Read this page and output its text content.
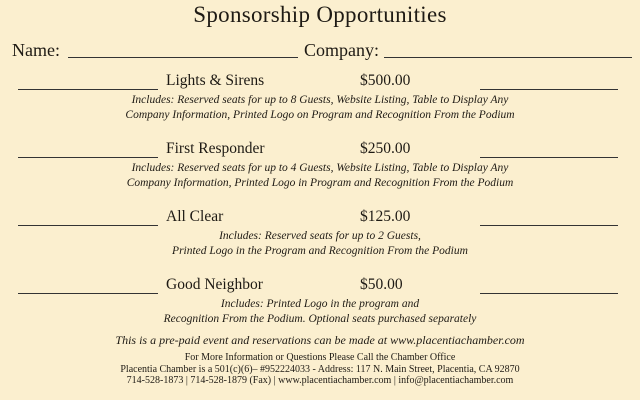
Sponsorship Opportunities
Name:	Company:
Lights & Sirens	$500.00
Includes: Reserved seats for up to 8 Guests, Website Listing, Table to Display Any
Company Information, Printed Logo on Program and Recognition From the Podium
First Responder	$250.00
Includes: Reserved seats for up to 4 Guests, Website Listing, Table to Display Any
Company Information, Printed Logo in Program and Recognition From the Podium
All Clear	$125.00
Includes: Reserved seats for up to 2 Guests,
Printed Logo in the Program and Recognition From the Podium
Good Neighbor	$50.00
Includes: Printed Logo in the program and
Recognition From the Podium. Optional seats purchased separately
This is a pre-paid event and reservations can be made at www.placentiachamber.com
For More Information or Questions Please Call the Chamber Office
Placentia Chamber is a 501(c)(6)– #952224033 - Address: 117 N. Main Street, Placentia, CA 92870
714-528-1873 | 714-528-1879 (Fax) | www.placentiachamber.com | info@placentiachamber.com
